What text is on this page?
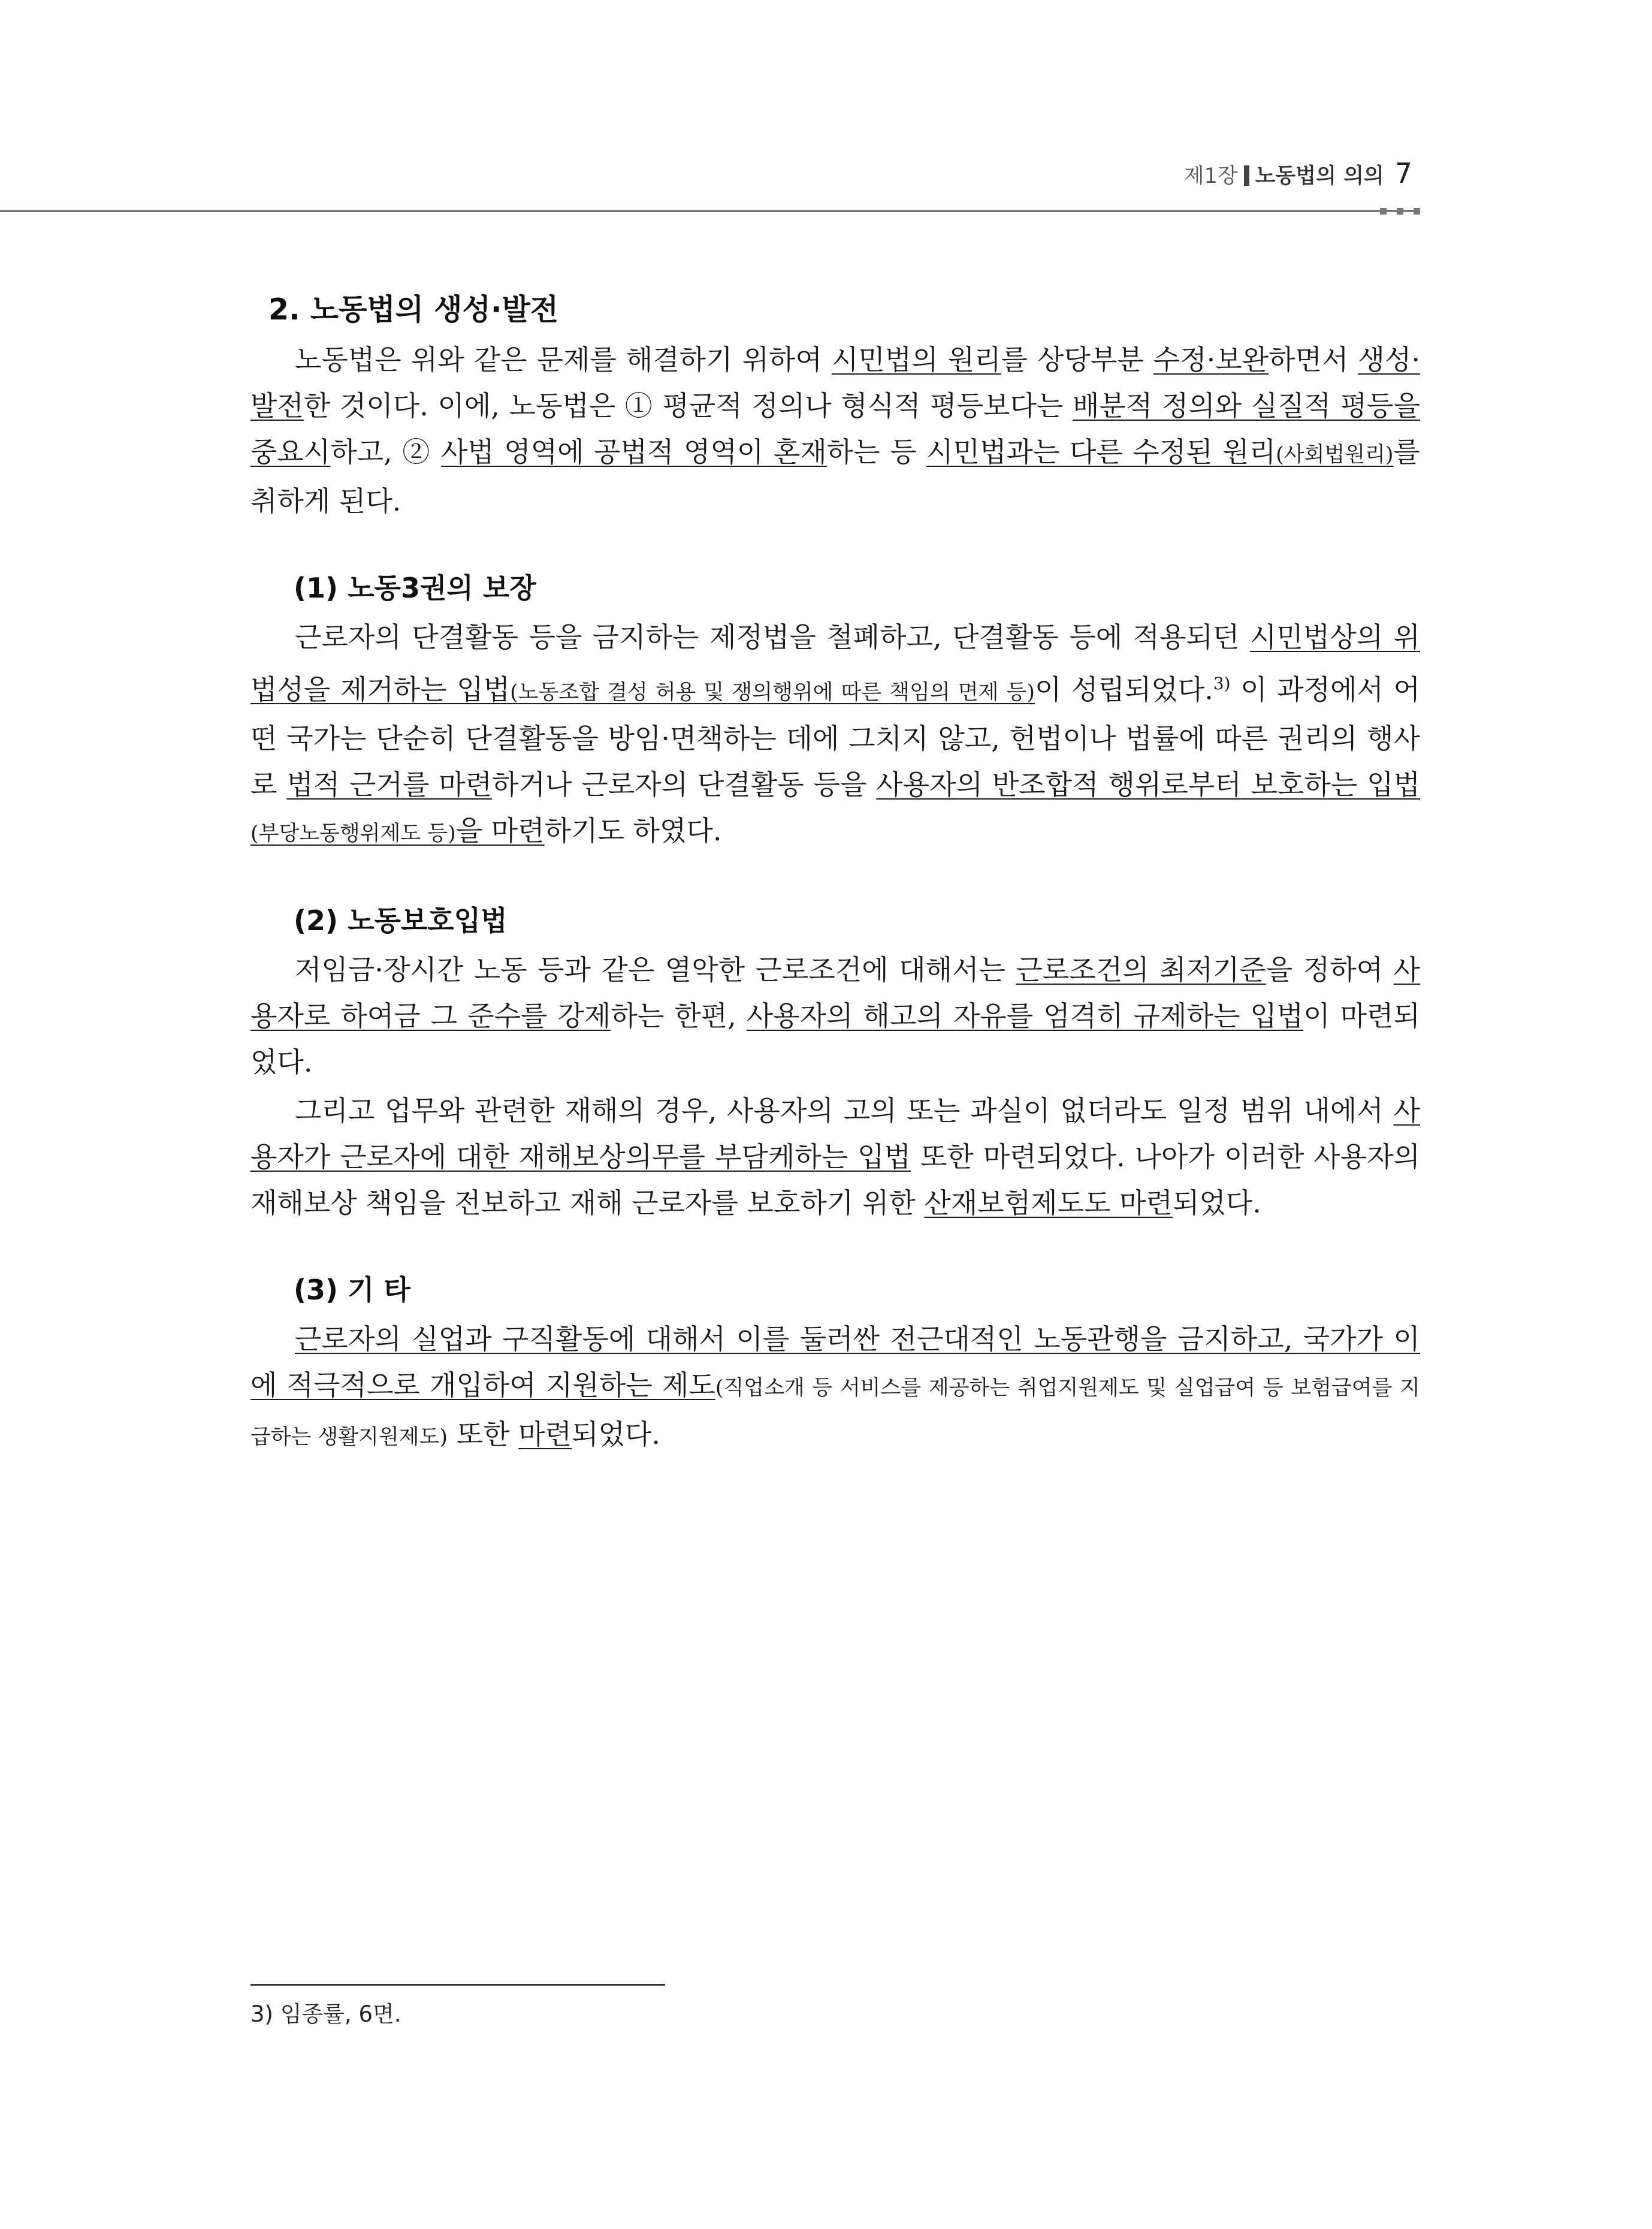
제1장 노동법의 의의 7
2. 노동법의 생성·발전

노동법은 위와 같은 문제를 해결하기 위하여 시민법의 원리를 상당부분 수정·보완하면서 생성·발전한 것이다. 이에, 노동법은 ① 평균적 정의나 형식적 평등보다는 배분적 정의와 실질적 평등을 중요시하고, ② 사법 영역에 공법적 영역이 혼재하는 등 시민법과는 다른 수정된 원리(사회법원리)를 취하게 된다.

(1) 노동3권의 보장

근로자의 단결활동 등을 금지하는 제정법을 철폐하고, 단결활동 등에 적용되던 시민법상의 위법성을 제거하는 입법(노동조합 결성 허용 및 쟁의행위에 따른 책임의 면제 등)이 성립되었다.$^{3)}$ 이 과정에서 어떤 국가는 단순히 단결활동을 방임·면책하는 데에 그치지 않고, 헌법이나 법률에 따른 권리의 행사로 법적 근거를 마련하거나 근로자의 단결활동 등을 사용자의 반조합적 행위로부터 보호하는 입법(부당노동행위제도 등)을 마련하기도 하였다.

(2) 노동보호입법

저임금·장시간 노동 등과 같은 열악한 근로조건에 대해서는 근로조건의 최저기준을 정하여 사용자로 하여금 그 준수를 강제하는 한편, 사용자의 해고의 자유를 엄격히 규제하는 입법이 마련되었다.

그리고 업무와 관련한 재해의 경우, 사용자의 고의 또는 과실이 없더라도 일정 범위 내에서 사용자가 근로자에 대한 재해보상의무를 부담케하는 입법 또한 마련되었다. 나아가 이러한 사용자의 재해보상 책임을 전보하고 재해 근로자를 보호하기 위한 산재보험제도도 마련되었다.

(3) 기 타

근로자의 실업과 구직활동에 대해서 이를 둘러싼 전근대적인 노동관행을 금지하고, 국가가 이에 적극적으로 개입하여 지원하는 제도(직업소개 등 서비스를 제공하는 취업지원제도 및 실업급여 등 보험급여를 지급하는 생활지원제도) 또한 마련되었다.

3) 임종률, 6면.
